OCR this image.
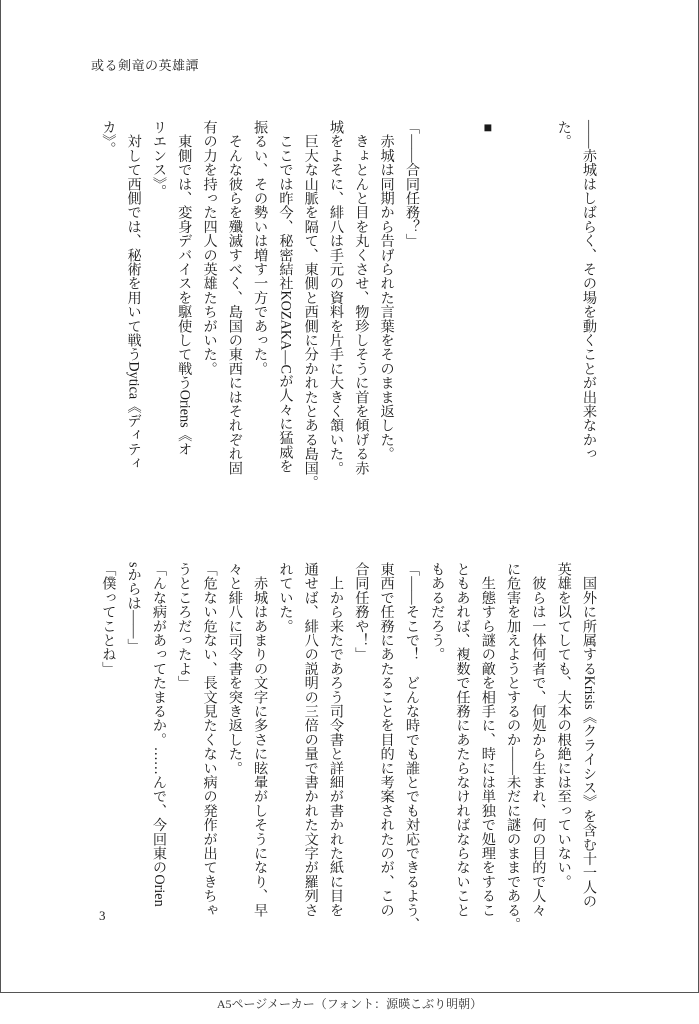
或る剣竜の英雄譚
——赤城はしばらく、その場を動くことが出来なかっ
た。
■
「——合同任務？」
　赤城は同期から告げられた言葉をそのまま返した。
　きょとんと目を丸くさせ、物珍しそうに首を傾げる赤
城をよそに、緋八は手元の資料を片手に大きく頷いた。
　巨大な山脈を隔て、東側と西側に分かれたとある島国。
　ここでは昨今、秘密結社KOZAKA—Cが人々に猛威を
振るい、その勢いは増す一方であった。
　そんな彼らを殲滅すべく、島国の東西にはそれぞれ固
有の力を持った四人の英雄たちがいた。
　東側では、変身デバイスを駆使して戦うOriens《オ
リエンス》。
　対して西側では、秘術を用いて戦うDytica《ディティ
カ》。
　国外に所属するKrisis《クライシス》を含む十一人の
英雄を以てしても、大本の根絶には至っていない。
　彼らは一体何者で、何処から生まれ、何の目的で人々
に危害を加えようとするのか——未だに謎のままである。
　生態すら謎の敵を相手に、時には単独で処理をするこ
ともあれば、複数で任務にあたらなければならないこと
もあるだろう。
「——そこで！　どんな時でも誰とでも対応できるよう、
東西で任務にあたることを目的に考案されたのが、この
合同任務や！」
　上から来たであろう司令書と詳細が書かれた紙に目を
通せば、緋八の説明の三倍の量で書かれた文字が羅列さ
れていた。
　赤城はあまりの文字に多さに眩暈がしそうになり、早
々と緋八に司令書を突き返した。
「危ない危ない、長文見たくない病の発作が出てきちゃ
うところだったよ」
「んな病があってたまるか。……んで、今回東のOrien
sからは——」
「僕ってことね」
3
A5ページメーカー（フォント：源暎こぶり明朝）
